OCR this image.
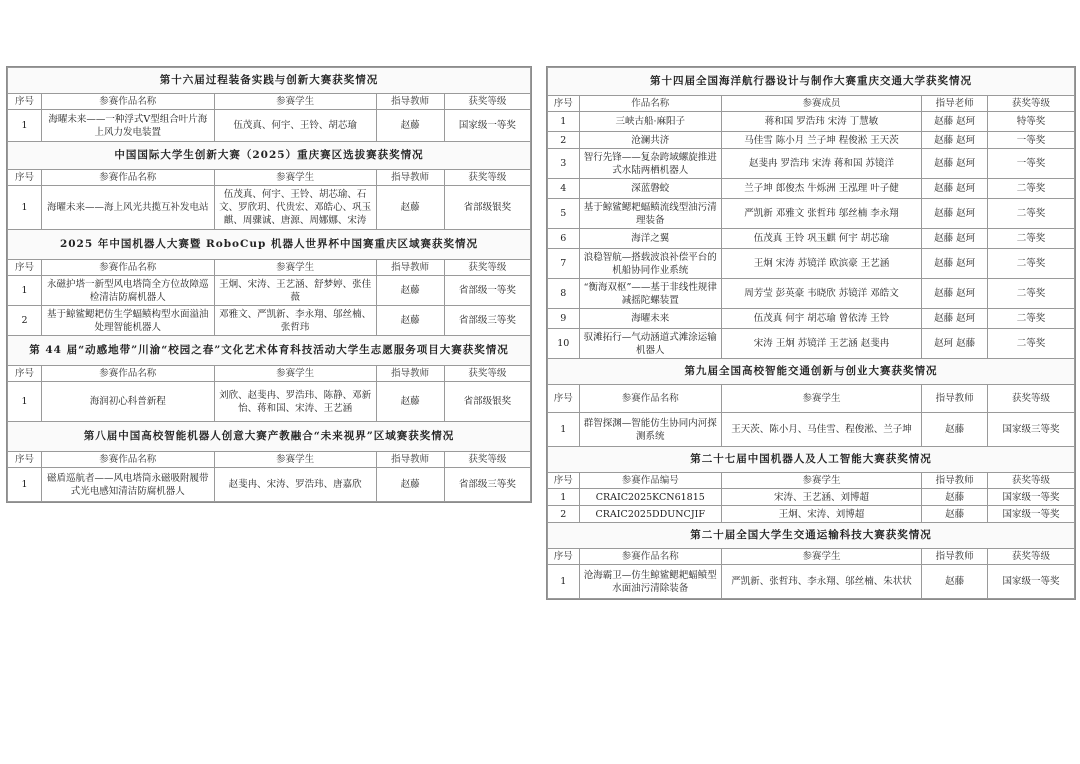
第十六届过程装备实践与创新大赛获奖情况				
序号	参赛作品名称	参赛学生	指导教师	获奖等级
1	海曜未来——一种浮式V型组合叶片海上风力发电装置	伍茂真、何宇、王铃、胡芯瑜	赵藤	国家级一等奖
中国国际大学生创新大赛（2025）重庆赛区选拔赛获奖情况				
序号	参赛作品名称	参赛学生	指导教师	获奖等级
1	海曜未来——海上风光共揽互补发电站	伍茂真、何宇、王铃、胡芯瑜、石文、罗欣玥、代贵宏、邓皓心、巩玉麒、周骤诚、唐源、周娜娜、宋涛	赵藤	省部级银奖
2025 年中国机器人大赛暨 RoboCup 机器人世界杯中国赛重庆区域赛获奖情况				
序号	参赛作品名称	参赛学生	指导教师	获奖等级
1	永磁护塔一新型风电塔筒全方位故障巡检清洁防腐机器人	王炯、宋涛、王艺涵、舒梦婷、张佳薇	赵藤	省部级一等奖
2	基于鲸鲨鳃耙仿生学蝠鲼构型水面溢油处理智能机器人	邓雅文、严凯新、李永翔、邬丝楠、张哲玮	赵藤	省部级三等奖
第 44 届“动感地带”川渝“校园之春”文化艺术体育科技活动大学生志愿服务项目大赛获奖情况				
序号	参赛作品名称	参赛学生	指导教师	获奖等级
1	海润初心科普新程	刘欣、赵斐冉、罗浩玮、陈静、邓新怡、蒋和国、宋涛、王艺涵	赵藤	省部级银奖
第八届中国高校智能机器人创意大赛产教融合“未来视界”区域赛获奖情况				
序号	参赛作品名称	参赛学生	指导教师	获奖等级
1	磁盾巡航者——风电塔筒永磁吸附履带式光电感知清洁防腐机器人	赵斐冉、宋涛、罗浩玮、唐嘉欣	赵藤	省部级三等奖
第十四届全国海洋航行器设计与制作大赛重庆交通大学获奖情况				
序号	作品名称	参赛成员	指导老师	获奖等级
1	三峡古船·麻阳子	蒋和国 罗浩玮 宋涛 丁慧敏	赵藤 赵珂	特等奖
2	沧澜共济	马佳雪 陈小月 兰子坤 程俊淞 王天茨	赵藤 赵珂	一等奖
3	智行先锋——复杂跨域螺旋推进式水陆两栖机器人	赵斐冉 罗浩玮 宋涛 蒋和国 苏镜洋	赵藤 赵珂	一等奖
4	深蓝磐蛟	兰子坤 郎俊杰 牛烁洲 王泓理 叶子健	赵藤 赵珂	二等奖
5	基于鲸鲨鳃耙蝠鲼流线型油污清理装备	严凯新 邓雅文 张哲玮 邬丝楠 李永翔	赵藤 赵珂	二等奖
6	海洋之翼	伍茂真 王铃 巩玉麒 何宇 胡芯瑜	赵藤 赵珂	二等奖
7	浪稳智航—搭载波浪补偿平台的机船协同作业系统	王炯 宋涛 苏镜洋 欧滨豪 王艺涵	赵藤 赵珂	二等奖
8	“衡海双枢”——基于非线性规律减摇陀螺装置	周芳莹 彭英豪 韦晓欣 苏镜洋 邓皓文	赵藤 赵珂	二等奖
9	海曜未来	伍茂真 何宇 胡芯瑜 曾依涛 王铃	赵藤 赵珂	二等奖
10	驭滩拓行—气动涵道式滩涂运输机器人	宋涛 王炯 苏镜洋 王艺涵 赵斐冉	赵珂 赵藤	二等奖
第九届全国高校智能交通创新与创业大赛获奖情况				
序号	参赛作品名称	参赛学生	指导教师	获奖等级
1	群智探渊—智能仿生协同内河探测系统	王天茨、陈小月、马佳雪、程俊淞、兰子坤	赵藤	国家级三等奖
第二十七届中国机器人及人工智能大赛获奖情况				
序号	参赛作品编号	参赛学生	指导教师	获奖等级
1	CRAIC2025KCN61815	宋涛、王艺涵、刘博超	赵藤	国家级一等奖
2	CRAIC2025DDUNCJIF	王炯、宋涛、刘博超	赵藤	国家级一等奖
第二十届全国大学生交通运输科技大赛获奖情况				
序号	参赛作品名称	参赛学生	指导教师	获奖等级
1	沧海霸卫—仿生鲸鲨鳃耙蝠鲼型水面油污清除装备	严凯新、张哲玮、李永翔、邬丝楠、朱状状	赵藤	国家级一等奖
